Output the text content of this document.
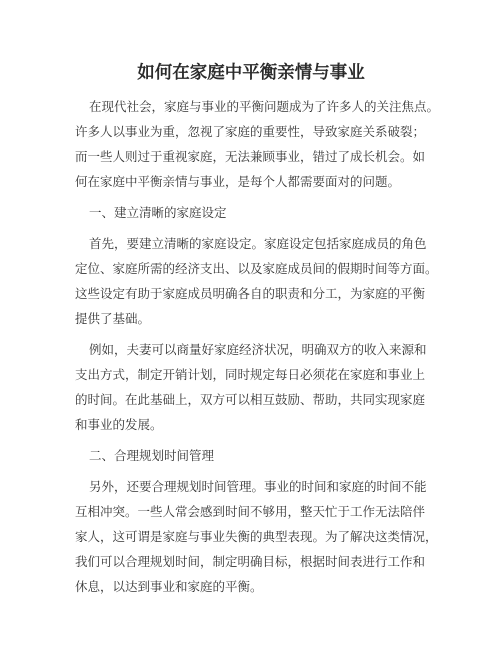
如何在家庭中平衡亲情与事业
在现代社会，家庭与事业的平衡问题成为了许多人的关注焦点。
许多人以事业为重，忽视了家庭的重要性，导致家庭关系破裂；
而一些人则过于重视家庭，无法兼顾事业，错过了成长机会。如
何在家庭中平衡亲情与事业，是每个人都需要面对的问题。
一、建立清晰的家庭设定
首先，要建立清晰的家庭设定。家庭设定包括家庭成员的角色
定位、家庭所需的经济支出、以及家庭成员间的假期时间等方面。
这些设定有助于家庭成员明确各自的职责和分工，为家庭的平衡
提供了基础。
例如，夫妻可以商量好家庭经济状况，明确双方的收入来源和
支出方式，制定开销计划，同时规定每日必须花在家庭和事业上
的时间。在此基础上，双方可以相互鼓励、帮助，共同实现家庭
和事业的发展。
二、合理规划时间管理
另外，还要合理规划时间管理。事业的时间和家庭的时间不能
互相冲突。一些人常会感到时间不够用，整天忙于工作无法陪伴
家人，这可谓是家庭与事业失衡的典型表现。为了解决这类情况，
我们可以合理规划时间，制定明确目标，根据时间表进行工作和
休息，以达到事业和家庭的平衡。
